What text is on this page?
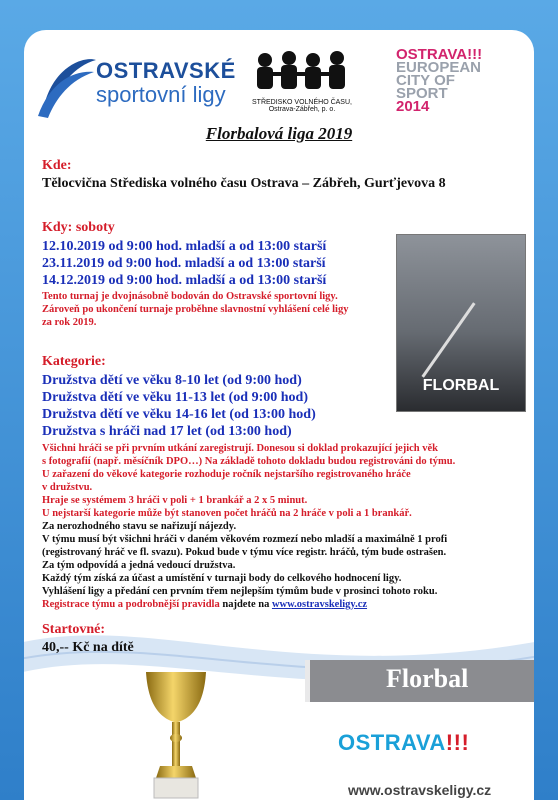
OSTRAVSKÉ
sportovní ligy	STŘEDISKO VOLNÉHO ČASU,
Ostrava-Zábřeh, p. o.
OSTRAVA!!!
EUROPEAN
CITY OF
SPORT
2014
Florbalová liga 2019
Kde:
Tělocvična Střediska volného času Ostrava – Zábřeh, Gurťjevova 8
Kdy: soboty
12.10.2019 od 9:00 hod. mladší a od 13:00 starší
23.11.2019 od 9:00 hod. mladší a od 13:00 starší
14.12.2019 od 9:00 hod. mladší a od 13:00 starší
Tento turnaj je dvojnásobně bodován do Ostravské sportovní ligy.
Zároveň po ukončení turnaje proběhne slavnostní vyhlášení celé ligy
za rok 2019.
FLORBAL
Kategorie:
Družstva dětí ve věku 8-10 let (od 9:00 hod)
Družstva dětí ve věku 11-13 let (od 9:00 hod)
Družstva dětí ve věku 14-16 let (od 13:00 hod)
Družstva s hráči nad 17 let (od 13:00 hod)
Všichni hráči se při prvním utkání zaregistrují. Donesou si doklad prokazující jejich věk
s fotografií (např. měsíčník DPO…) Na základě tohoto dokladu budou registrováni do týmu.
U zařazení do věkové kategorie rozhoduje ročník nejstaršího registrovaného hráče
v družstvu.
Hraje se systémem 3 hráči v poli + 1 brankář a 2 x 5 minut.
U nejstarší kategorie může být stanoven počet hráčů na 2 hráče v poli a 1 brankář.
Za nerozhodného stavu se nařizují nájezdy.
V týmu musí být všichni hráči v daném věkovém rozmezí nebo mladší a maximálně 1 profi
(registrovaný hráč ve fl. svazu). Pokud bude v týmu více registr. hráčů, tým bude ostrašen.
Za tým odpovídá a jedná vedoucí družstva.
Každý tým získá za účast a umístění v turnaji body do celkového hodnocení ligy.
Vyhlášení ligy a předání cen prvním třem nejlepším týmům bude v prosinci tohoto roku.
Registrace týmu a podrobnější pravidla najdete na www.ostravskeligy.cz
Startovné:
40,-- Kč na dítě
Florbal
OSTRAVA!!!
www.ostravskeligy.cz
